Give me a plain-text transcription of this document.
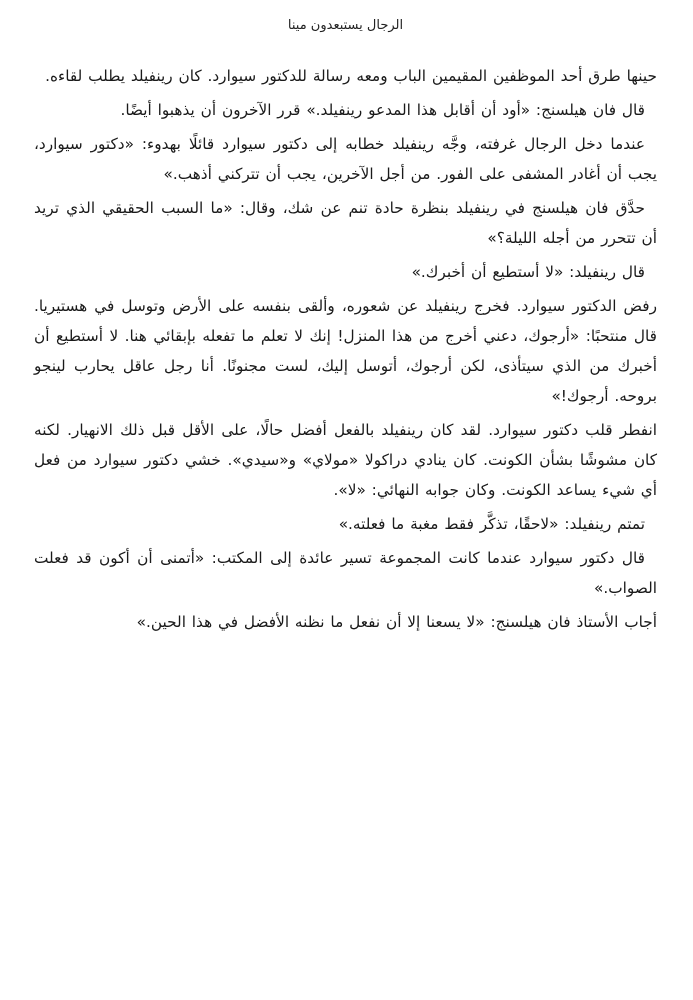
الرجال يستبعدون مينا

حينها طرق أحد الموظفين المقيمين الباب ومعه رسالة للدكتور سيوارد. كان رينفيلد يطلب لقاءه.

قال فان هيلسنج: «أود أن أقابل هذا المدعو رينفيلد.» قرر الآخرون أن يذهبوا أيضًا.

عندما دخل الرجال غرفته، وجَّه رينفيلد خطابه إلى دكتور سيوارد قائلًا بهدوء: «دكتور سيوارد، يجب أن أغادر المشفى على الفور. من أجل الآخرين، يجب أن تتركني أذهب.»

حدَّق فان هيلسنج في رينفيلد بنظرة حادة تنم عن شك، وقال: «ما السبب الحقيقي الذي تريد أن تتحرر من أجله الليلة؟»

قال رينفيلد: «لا أستطيع أن أخبرك.»

رفض الدكتور سيوارد. فخرج رينفيلد عن شعوره، وألقى بنفسه على الأرض وتوسل في هستيريا. قال منتحبًا: «أرجوك، دعني أخرج من هذا المنزل! إنك لا تعلم ما تفعله بإبقائي هنا. لا أستطيع أن أخبرك من الذي سيتأذى، لكن أرجوك، أتوسل إليك، لست مجنونًا. أنا رجل عاقل يحارب لينجو بروحه. أرجوك!»

انفطر قلب دكتور سيوارد. لقد كان رينفيلد بالفعل أفضل حالًا، على الأقل قبل ذلك الانهيار. لكنه كان مشوشًا بشأن الكونت. كان ينادي دراكولا «مولاي» و«سيدي». خشي دكتور سيوارد من فعل أي شيء يساعد الكونت. وكان جوابه النهائي: «لا».

تمتم رينفيلد: «لاحقًا، تذكَّر فقط مغبة ما فعلته.»

قال دكتور سيوارد عندما كانت المجموعة تسير عائدة إلى المكتب: «أتمنى أن أكون قد فعلت الصواب.»

أجاب الأستاذ فان هيلسنج: «لا يسعنا إلا أن نفعل ما نظنه الأفضل في هذا الحين.»
